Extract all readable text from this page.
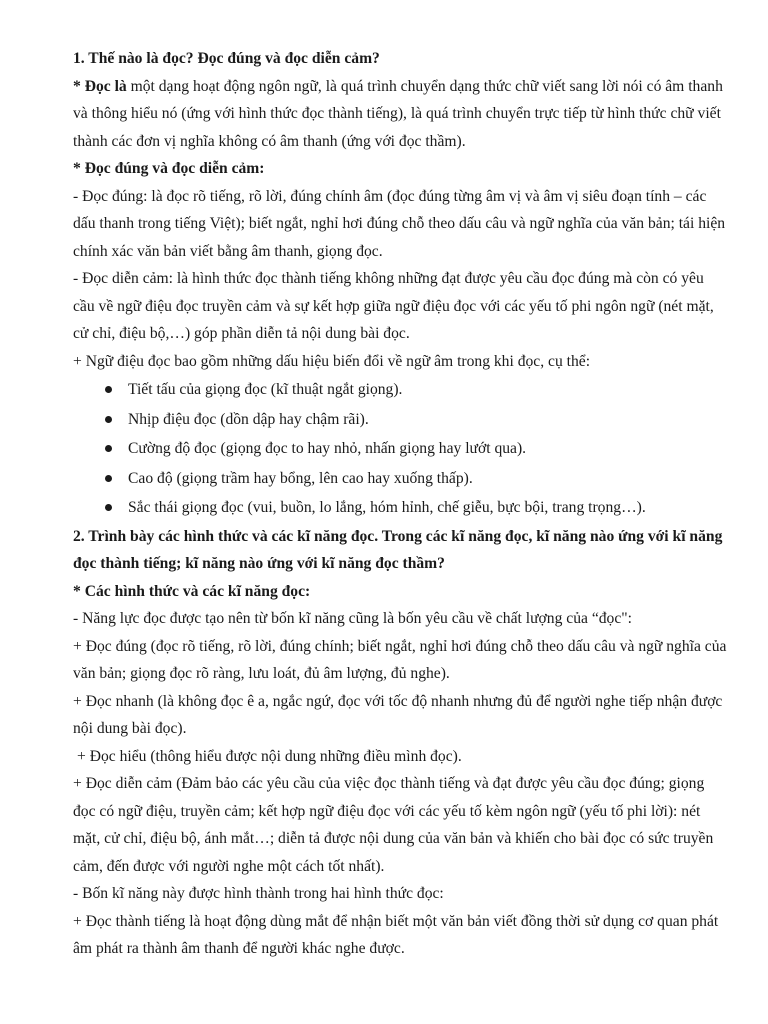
1. Thế nào là đọc? Đọc đúng và đọc diễn cảm?

* Đọc là một dạng hoạt động ngôn ngữ, là quá trình chuyển dạng thức chữ viết sang lời nói có âm thanh và thông hiểu nó (ứng với hình thức đọc thành tiếng), là quá trình chuyển trực tiếp từ hình thức chữ viết thành các đơn vị nghĩa không có âm thanh (ứng với đọc thầm).

* Đọc đúng và đọc diễn cảm:

- Đọc đúng: là đọc rõ tiếng, rõ lời, đúng chính âm (đọc đúng từng âm vị và âm vị siêu đoạn tính – các dấu thanh trong tiếng Việt); biết ngắt, nghỉ hơi đúng chỗ theo dấu câu và ngữ nghĩa của văn bản; tái hiện chính xác văn bản viết bằng âm thanh, giọng đọc.

- Đọc diễn cảm: là hình thức đọc thành tiếng không những đạt được yêu cầu đọc đúng mà còn có yêu cầu về ngữ điệu đọc truyền cảm và sự kết hợp giữa ngữ điệu đọc với các yếu tố phi ngôn ngữ (nét mặt, cử chỉ, điệu bộ,…) góp phần diễn tả nội dung bài đọc.

+ Ngữ điệu đọc bao gồm những dấu hiệu biến đổi về ngữ âm trong khi đọc, cụ thể:

Tiết tấu của giọng đọc (kĩ thuật ngắt giọng).
Nhịp điệu đọc (dồn dập hay chậm rãi).
Cường độ đọc (giọng đọc to hay nhỏ, nhấn giọng hay lướt qua).
Cao độ (giọng trầm hay bổng, lên cao hay xuống thấp).
Sắc thái giọng đọc (vui, buồn, lo lắng, hóm hỉnh, chế giễu, bực bội, trang trọng…).

2. Trình bày các hình thức và các kĩ năng đọc. Trong các kĩ năng đọc, kĩ năng nào ứng với kĩ năng đọc thành tiếng; kĩ năng nào ứng với kĩ năng đọc thầm?

* Các hình thức và các kĩ năng đọc:

- Năng lực đọc được tạo nên từ bốn kĩ năng cũng là bốn yêu cầu về chất lượng của “đọc":

+ Đọc đúng (đọc rõ tiếng, rõ lời, đúng chính; biết ngắt, nghỉ hơi đúng chỗ theo dấu câu và ngữ nghĩa của văn bản; giọng đọc rõ ràng, lưu loát, đủ âm lượng, đủ nghe).

+ Đọc nhanh (là không đọc ê a, ngắc ngứ, đọc với tốc độ nhanh nhưng đủ để người nghe tiếp nhận được nội dung bài đọc).

+ Đọc hiểu (thông hiểu được nội dung những điều mình đọc).

+ Đọc diễn cảm (Đảm bảo các yêu cầu của việc đọc thành tiếng và đạt được yêu cầu đọc đúng; giọng đọc có ngữ điệu, truyền cảm; kết hợp ngữ điệu đọc với các yếu tố kèm ngôn ngữ (yếu tố phi lời): nét mặt, cử chỉ, điệu bộ, ánh mắt…; diễn tả được nội dung của văn bản và khiến cho bài đọc có sức truyền cảm, đến được với người nghe một cách tốt nhất).

- Bốn kĩ năng này được hình thành trong hai hình thức đọc:

+ Đọc thành tiếng là hoạt động dùng mắt để nhận biết một văn bản viết đồng thời sử dụng cơ quan phát âm phát ra thành âm thanh để người khác nghe được.
